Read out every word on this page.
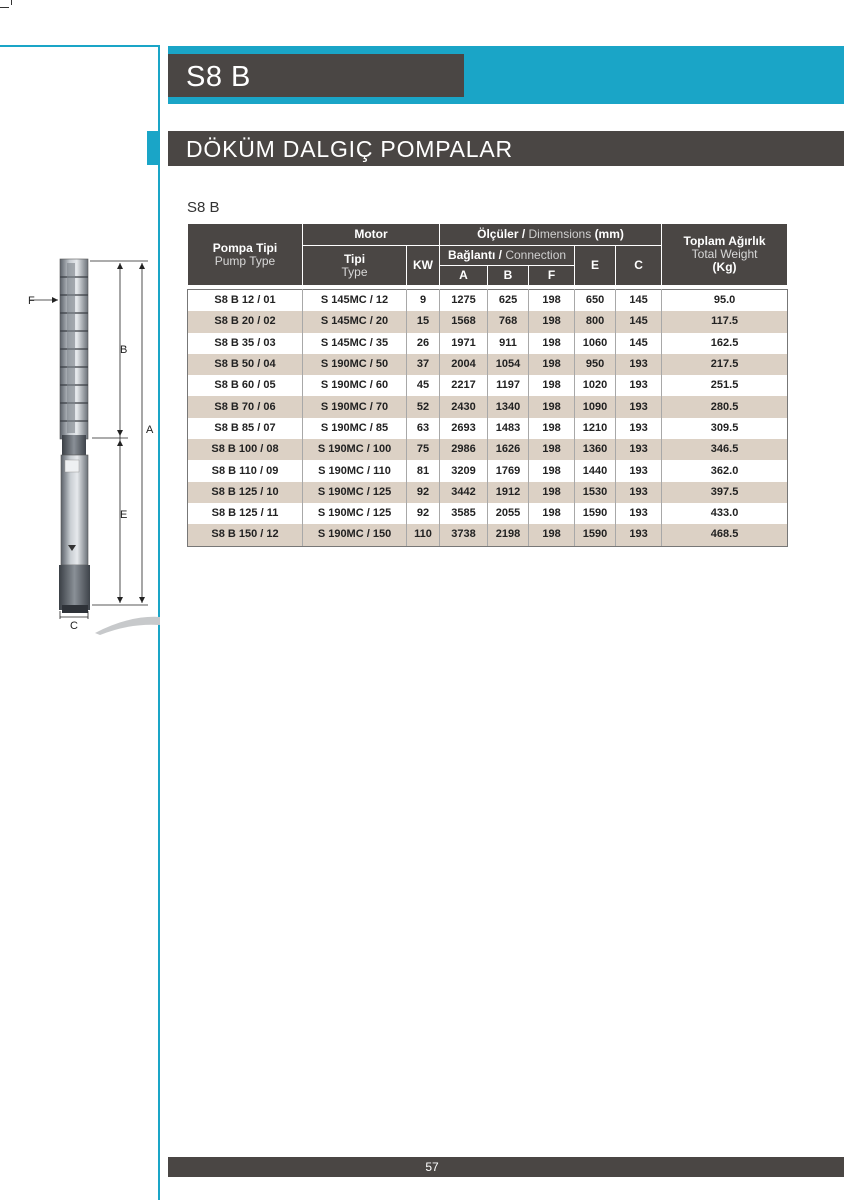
S8 B
DÖKÜM DALGIÇ POMPALAR
S8 B
F
B
A
E
C
Pompa Tipi
Pump Type	Motor		Ölçüler / Dimensions (mm)					Toplam Ağırlık
Total Weight
(Kg)

	Tipi
Type	KW	Bağlantı / Connection			E	C	
			A	B	F			

S8 B 12 / 01	S 145MC / 12	9	1275	625	198	650	145	95.0
S8 B 20 / 02	S 145MC / 20	15	1568	768	198	800	145	117.5
S8 B 35 / 03	S 145MC / 35	26	1971	911	198	1060	145	162.5
S8 B 50 / 04	S 190MC / 50	37	2004	1054	198	950	193	217.5
S8 B 60 / 05	S 190MC / 60	45	2217	1197	198	1020	193	251.5
S8 B 70 / 06	S 190MC / 70	52	2430	1340	198	1090	193	280.5
S8 B 85 / 07	S 190MC / 85	63	2693	1483	198	1210	193	309.5
S8 B 100 / 08	S 190MC / 100	75	2986	1626	198	1360	193	346.5
S8 B 110 / 09	S 190MC / 110	81	3209	1769	198	1440	193	362.0
S8 B 125 / 10	S 190MC / 125	92	3442	1912	198	1530	193	397.5
S8 B 125 / 11	S 190MC / 125	92	3585	2055	198	1590	193	433.0
S8 B 150 / 12	S 190MC / 150	110	3738	2198	198	1590	193	468.5
57
